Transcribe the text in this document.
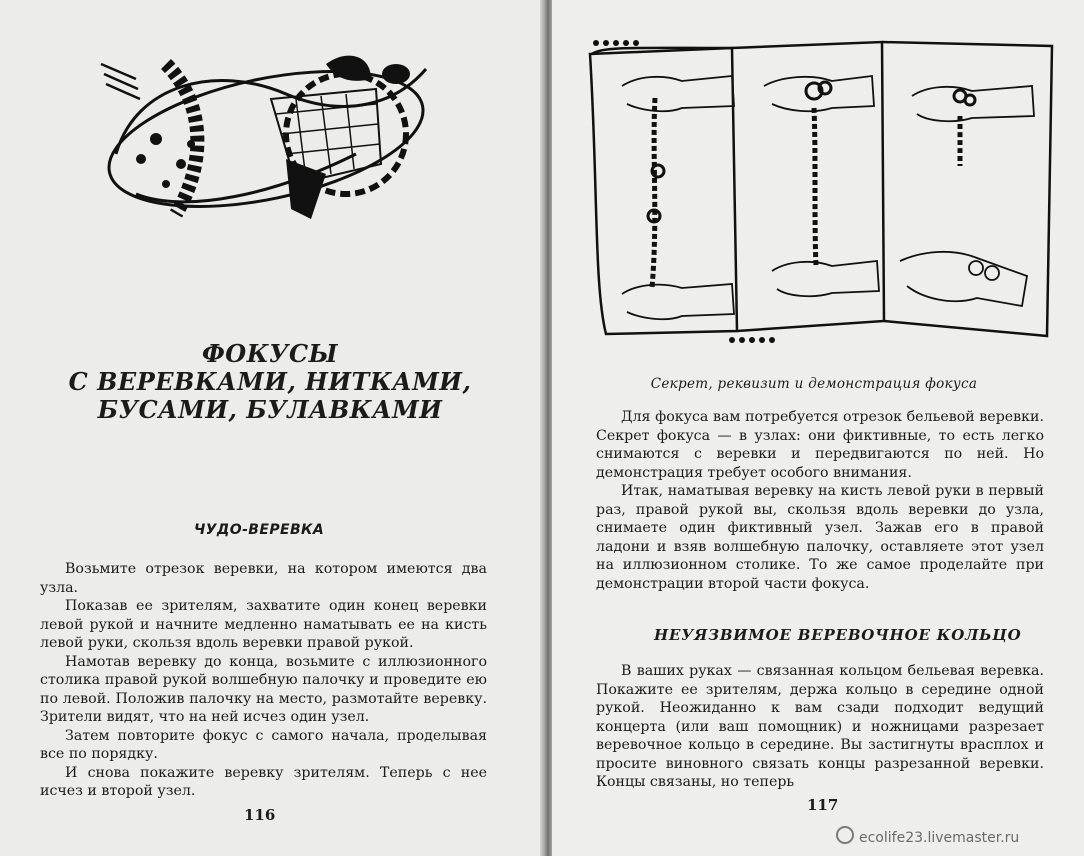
ФОКУСЫ
С ВЕРЕВКАМИ, НИТКАМИ,
БУСАМИ, БУЛАВКАМИ
ЧУДО-ВЕРЕВКА

Возьмите отрезок веревки, на котором имеются два узла.

Показав ее зрителям, захватите один конец веревки левой рукой и начните медленно наматывать ее на кисть левой руки, скользя вдоль веревки правой рукой.

Намотав веревку до конца, возьмите с иллюзионного столика правой рукой волшебную палочку и проведите ею по левой. Положив палочку на место, размотайте веревку. Зрители видят, что на ней исчез один узел.

Затем повторите фокус с самого начала, проделывая все по порядку.

И снова покажите веревку зрителям. Теперь с нее исчез и второй узел.

116
Секрет, реквизит и демонстрация фокуса

Для фокуса вам потребуется отрезок бельевой веревки. Секрет фокуса — в узлах: они фиктивные, то есть легко снимаются с веревки и передвигаются по ней. Но демонстрация требует особого внимания.

Итак, наматывая веревку на кисть левой руки в первый раз, правой рукой вы, скользя вдоль веревки до узла, снимаете один фиктивный узел. Зажав его в правой ладони и взяв волшебную палочку, оставляете этот узел на иллюзионном столике. То же самое проделайте при демонстрации второй части фокуса.

НЕУЯЗВИМОЕ ВЕРЕВОЧНОЕ КОЛЬЦО

В ваших руках — связанная кольцом бельевая веревка. Покажите ее зрителям, держа кольцо в середине одной рукой. Неожиданно к вам сзади подходит ведущий концерта (или ваш помощник) и ножницами разрезает веревочное кольцо в середине. Вы застигнуты врасплох и просите виновного связать концы разрезанной веревки. Концы связаны, но теперь

117
ecolife23.livemaster.ru
